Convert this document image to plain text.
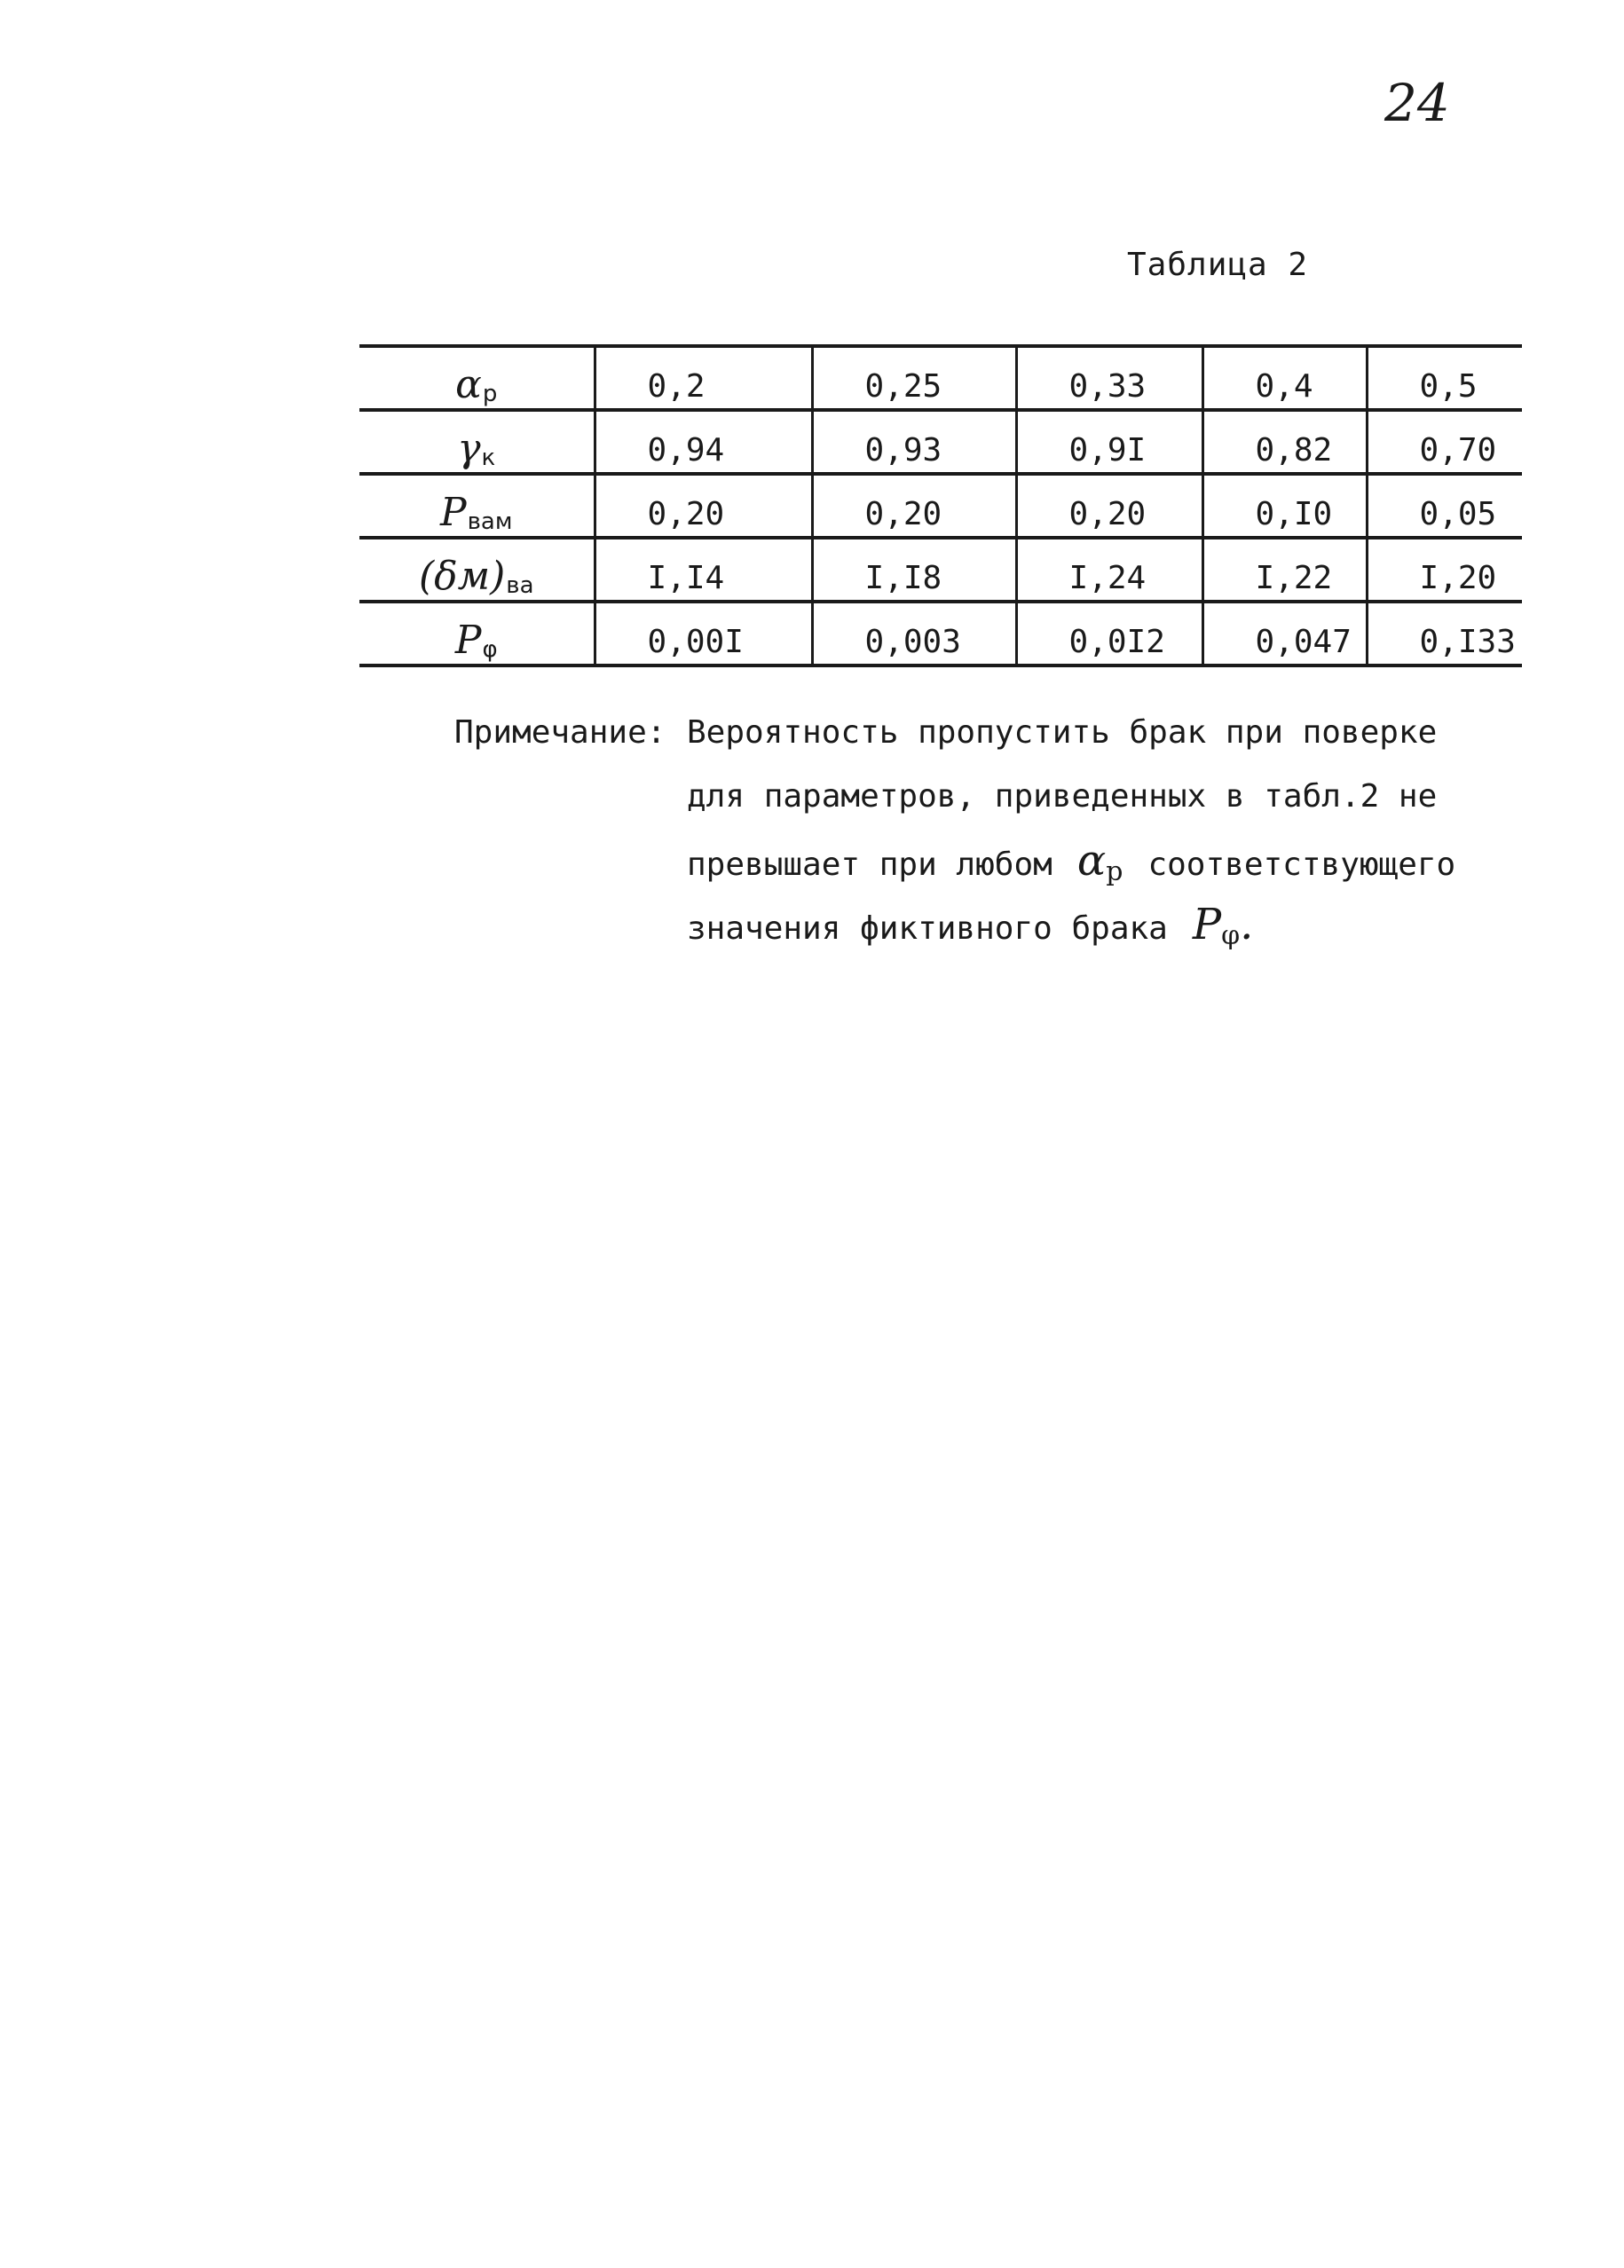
24
Таблица 2
$\alpha_р$	0,2	0,25	0,33	0,4	0,5
$\gamma_к$	0,94	0,93	0,9I	0,82	0,70
$P_{вам}$	0,20	0,20	0,20	0,I0	0,05
$(\delta м)_{ва}$	I,I4	I,I8	I,24	I,22	I,20
$P_\varphi$	0,00I	0,003	0,0I2	0,047	0,I33
Примечание: Вероятность пропустить брак при поверке
для параметров, приведенных в табл.2 не
превышает при любом $\alpha_р$ соответствующего
значения фиктивного брака $P_\varphi$.
